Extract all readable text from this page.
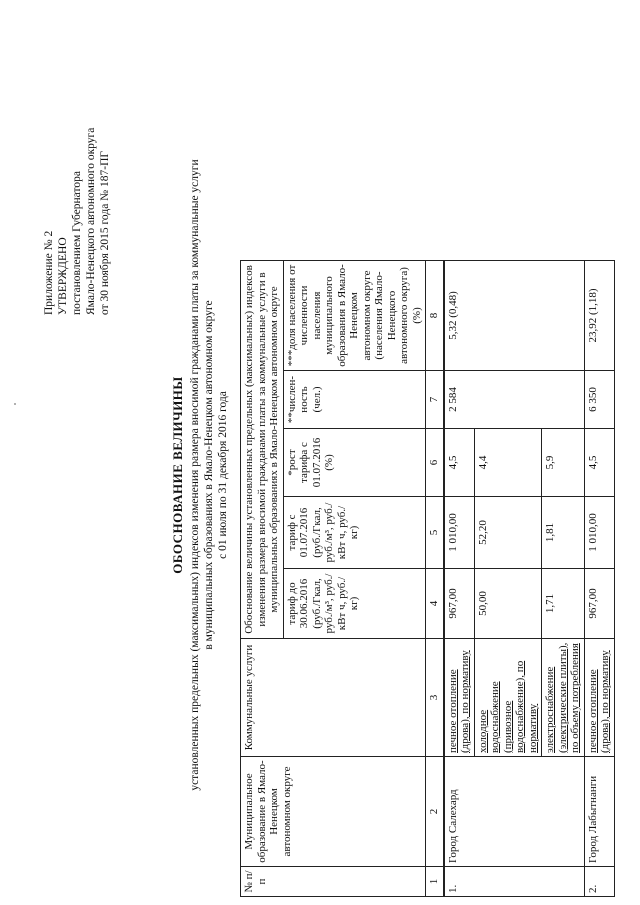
Приложение № 2 УТВЕРЖДЕНО постановлением Губернатора Ямало-Ненецкого автономного округа от 30 ноября 2015 года № 187-ПГ
ОБОСНОВАНИЕ ВЕЛИЧИНЫ установленных предельных (максимальных) индексов изменения размера вносимой гражданами платы за коммунальные услуги в муниципальных образованиях в Ямало-Ненецком автономном округе с 01 июля по 31 декабря 2016 года
№ п/п	Муниципальное образование в Ямало-Ненецком автономном округе	Коммунальные услуги	Обоснование величины установленных предельных (максимальных) индексов изменения размера вносимой гражданами платы за коммунальные услуги в муниципальных образованиях в Ямало-Ненецком автономном округе				
			тариф до 30.06.2016 (руб./Гкал, руб./м³, руб./кВт ч, руб./кг)	тариф с 01.07.2016 (руб./Гкал, руб./м³, руб./кВт ч, руб./кг)	*рост тарифа с 01.07.2016 (%)	**числен-ность (чел.)	***доля населения от численности населения муниципального образования в Ямало-Ненецком автономном округе (населения Ямало-Ненецкого автономного округа) (%)
1	2	3	4	5	6	7	8
1.	Город Салехард	печное отопление (дрова), по нормативу	967,00	1 010,00	4,5	2 584	5,32 (0,48)
		холодное водоснабжение (привозное водоснабжение), по нормативу	50,00	52,20	4,4		
		электроснабжение (электрические плиты), по объему потребления	1,71	1,81	5,9		
2.	Город Лабытнанги	печное отопление (дрова), по нормативу	967,00	1 010,00	4,5	6 350	23,92 (1,18)
